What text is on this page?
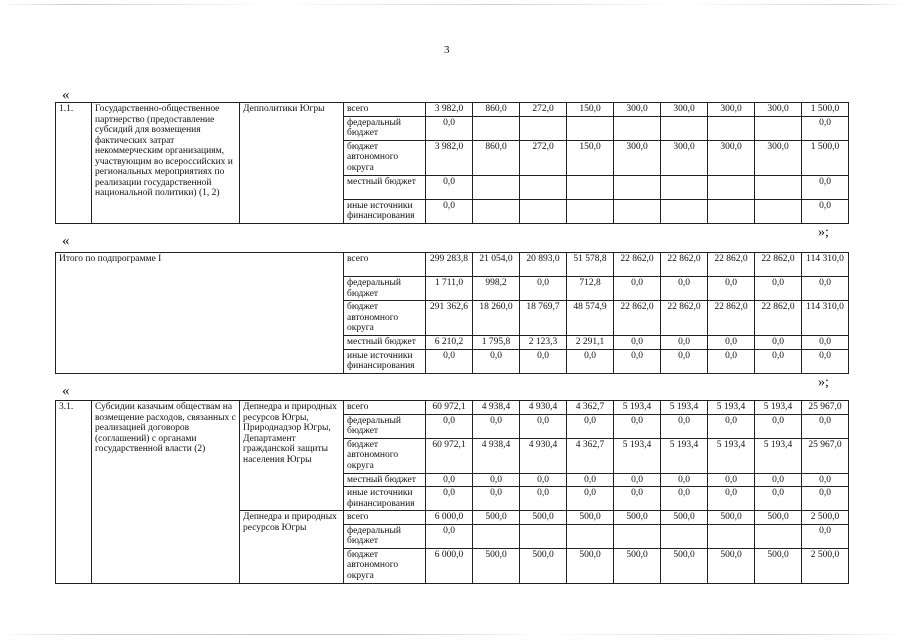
3
«
1.1.	Государственно-общественное партнерство (предоставление субсидий для возмещения фактических затрат некоммерческим организациям, участвующим во всероссийских и региональных мероприятиях по реализации государственной национальной политики) (1, 2)	Депполитики Югры	всего	3 982,0	860,0	272,0	150,0	300,0	300,0	300,0	300,0	1 500,0
			федеральный бюджет	0,0								0,0
			бюджет автономного округа	3 982,0	860,0	272,0	150,0	300,0	300,0	300,0	300,0	1 500,0
			местный бюджет	0,0								0,0
			иные источники финансирования	0,0								0,0
»;
«
Итого по подпрограмме I	всего	299 283,8	21 054,0	20 893,0	51 578,8	22 862,0	22 862,0	22 862,0	22 862,0	114 310,0
	федеральный бюджет	1 711,0	998,2	0,0	712,8	0,0	0,0	0,0	0,0	0,0
	бюджет автономного округа	291 362,6	18 260,0	18 769,7	48 574,9	22 862,0	22 862,0	22 862,0	22 862,0	114 310,0
	местный бюджет	6 210,2	1 795,8	2 123,3	2 291,1	0,0	0,0	0,0	0,0	0,0
	иные источники финансирования	0,0	0,0	0,0	0,0	0,0	0,0	0,0	0,0	0,0
»;
«
3.1.	Субсидии казачьим обществам на возмещение расходов, связанных с реализацией договоров (соглашений) с органами государственной власти (2)	Депнедра и природных ресурсов Югры, Природнадзор Югры, Департамент гражданской защиты населения Югры	всего	60 972,1	4 938,4	4 930,4	4 362,7	5 193,4	5 193,4	5 193,4	5 193,4	25 967,0
			федеральный бюджет	0,0	0,0	0,0	0,0	0,0	0,0	0,0	0,0	0,0
			бюджет автономного округа	60 972,1	4 938,4	4 930,4	4 362,7	5 193,4	5 193,4	5 193,4	5 193,4	25 967,0
			местный бюджет	0,0	0,0	0,0	0,0	0,0	0,0	0,0	0,0	0,0
			иные источники финансирования	0,0	0,0	0,0	0,0	0,0	0,0	0,0	0,0	0,0
		Депнедра и природных ресурсов Югры	всего	6 000,0	500,0	500,0	500,0	500,0	500,0	500,0	500,0	2 500,0
			федеральный бюджет	0,0								0,0
			бюджет автономного округа	6 000,0	500,0	500,0	500,0	500,0	500,0	500,0	500,0	2 500,0
